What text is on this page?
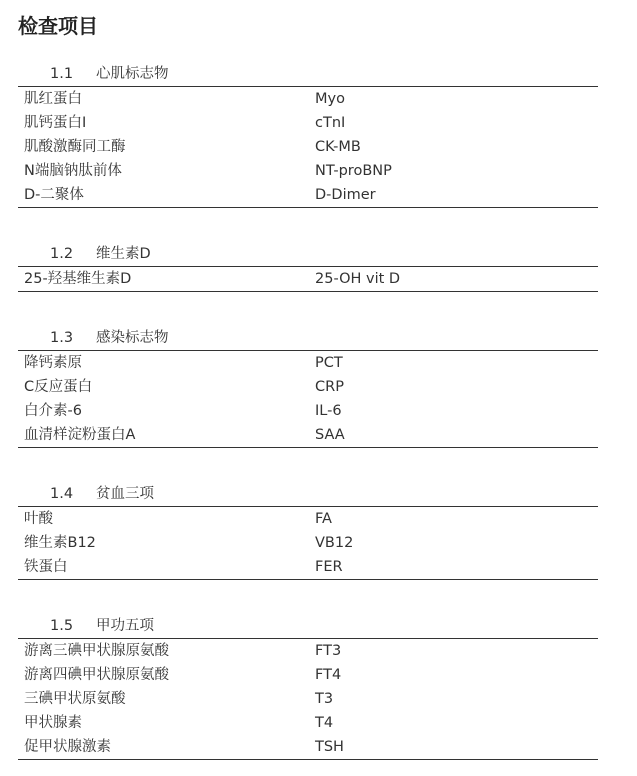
检查项目
1.1 心肌标志物
肌红蛋白	Myo
肌钙蛋白I	cTnI
肌酸激酶同工酶	CK-MB
N端脑钠肽前体	NT-proBNP
D-二聚体	D-Dimer
1.2 维生素D
25-羟基维生素D	25-OH vit D
1.3 感染标志物
降钙素原	PCT
C反应蛋白	CRP
白介素-6	IL-6
血清样淀粉蛋白A	SAA
1.4 贫血三项
叶酸	FA
维生素B12	VB12
铁蛋白	FER
1.5 甲功五项
游离三碘甲状腺原氨酸	FT3
游离四碘甲状腺原氨酸	FT4
三碘甲状原氨酸	T3
甲状腺素	T4
促甲状腺激素	TSH
